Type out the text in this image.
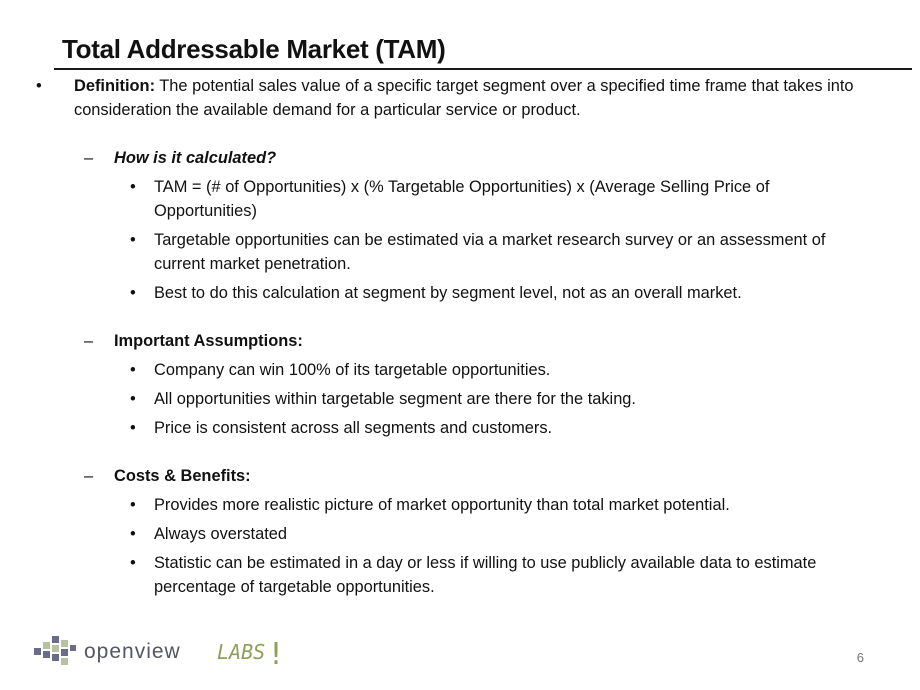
Total Addressable Market (TAM)
• Definition: The potential sales value of a specific target segment over a specified time frame that takes into consideration the available demand for a particular service or product.
– How is it calculated?
• TAM = (# of Opportunities) x (% Targetable Opportunities) x (Average Selling Price of Opportunities)
• Targetable opportunities can be estimated via a market research survey or an assessment of current market penetration.
• Best to do this calculation at segment by segment level, not as an overall market.
– Important Assumptions:
• Company can win 100% of its targetable opportunities.
• All opportunities within targetable segment are there for the taking.
• Price is consistent across all segments and customers.
– Costs & Benefits:
• Provides more realistic picture of market opportunity than total market potential.
• Always overstated
• Statistic can be estimated in a day or less if willing to use publicly available data to estimate percentage of targetable opportunities.
openview LABS !	6
